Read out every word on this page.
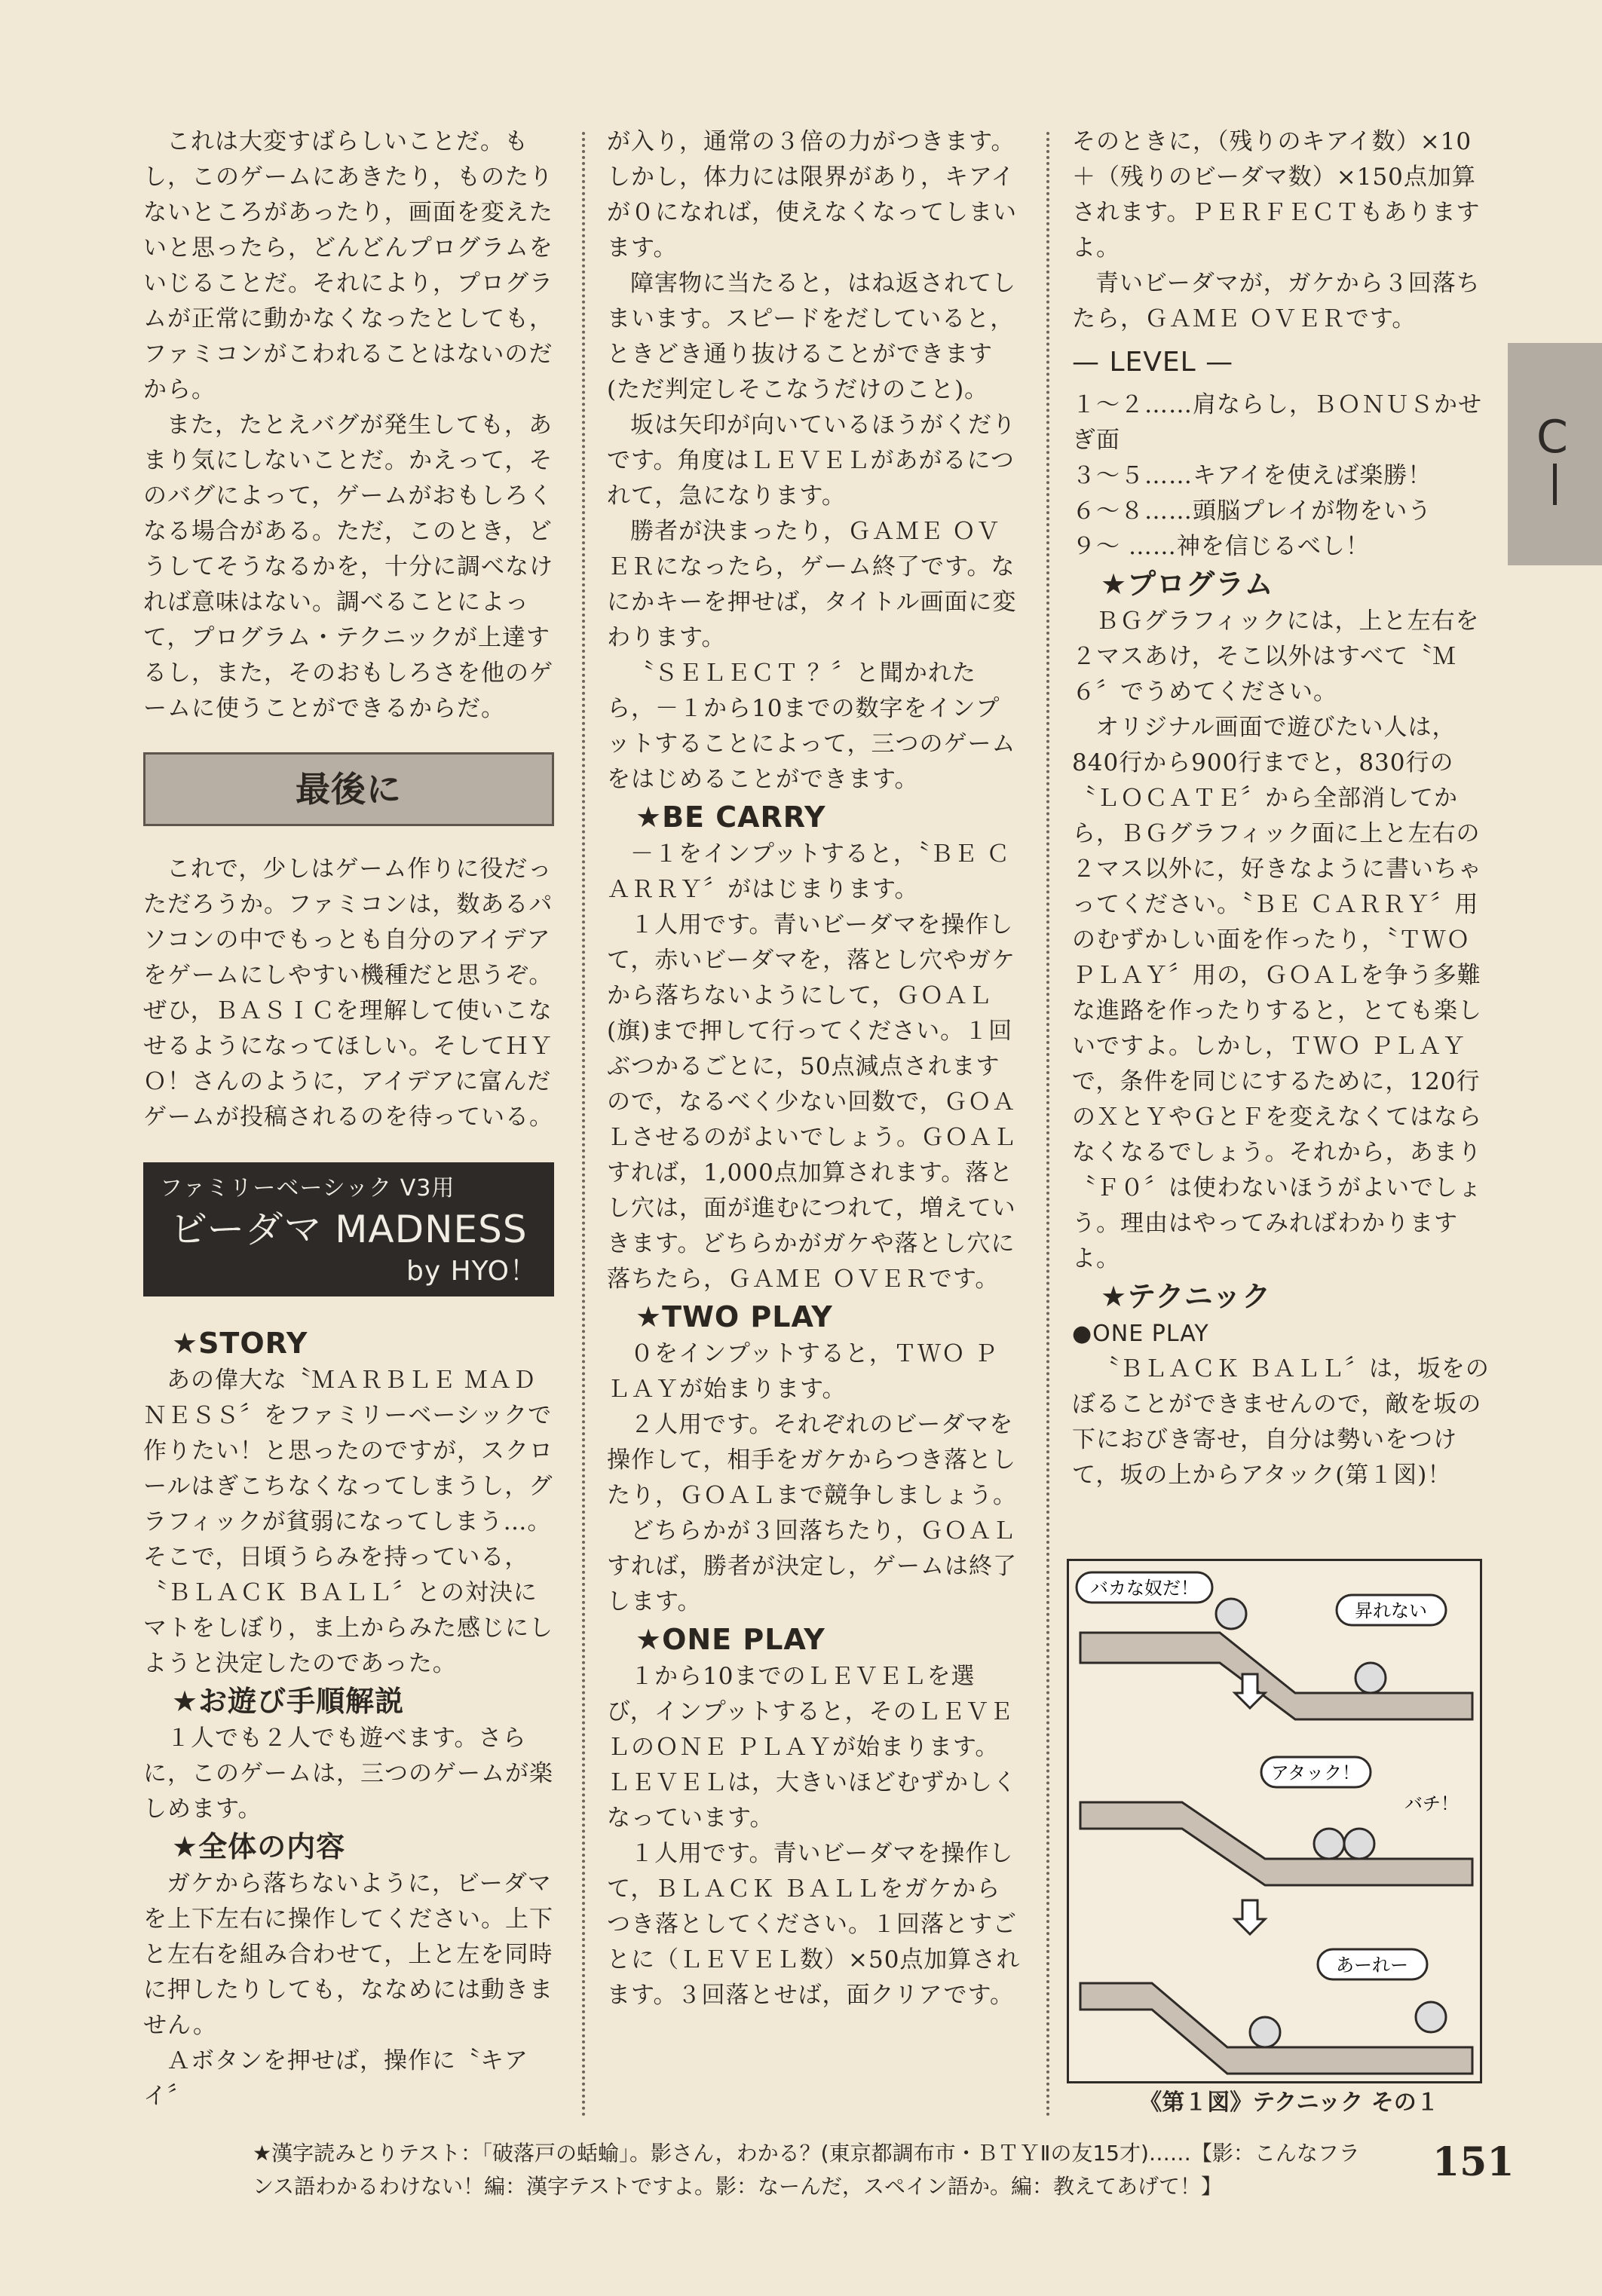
C

これは大変すばらしいことだ。もし，このゲームにあきたり，ものたりないところがあったり，画面を変えたいと思ったら，どんどんプログラムをいじることだ。それにより，プログラムが正常に動かなくなったとしても，ファミコンがこわれることはないのだから。

また，たとえバグが発生しても，あまり気にしないことだ。かえって，そのバグによって，ゲームがおもしろくなる場合がある。ただ，このとき，どうしてそうなるかを，十分に調べなければ意味はない。調べることによって，プログラム・テクニックが上達するし，また，そのおもしろさを他のゲームに使うことができるからだ。

最後に

これで，少しはゲーム作りに役だっただろうか。ファミコンは，数あるパソコンの中でもっとも自分のアイデアをゲームにしやすい機種だと思うぞ。ぜひ，ＢＡＳＩＣを理解して使いこなせるようになってほしい。そしてＨＹＯ！さんのように，アイデアに富んだゲームが投稿されるのを待っている。

ファミリーベーシック V3用
ビーダマ MADNESS
by HYO！

★STORY

あの偉大な〝ＭＡＲＢＬＥ ＭＡＤＮＥＳＳ〞をファミリーベーシックで作りたい！と思ったのですが，スクロールはぎこちなくなってしまうし，グラフィックが貧弱になってしまう…。そこで，日頃うらみを持っている，〝ＢＬＡＣＫ ＢＡＬＬ〞との対決にマトをしぼり，ま上からみた感じにしようと決定したのであった。

★お遊び手順解説

１人でも２人でも遊べます。さらに，このゲームは，三つのゲームが楽しめます。

★全体の内容

ガケから落ちないように，ビーダマを上下左右に操作してください。上下と左右を組み合わせて，上と左を同時に押したりしても，ななめには動きません。

Ａボタンを押せば，操作に〝キアイ〞

が入り，通常の３倍の力がつきます。しかし，体力には限界があり，キアイが０になれば，使えなくなってしまいます。

障害物に当たると，はね返されてしまいます。スピードをだしていると，ときどき通り抜けることができます(ただ判定しそこなうだけのこと)。

坂は矢印が向いているほうがくだりです。角度はＬＥＶＥＬがあがるにつれて，急になります。

勝者が決まったり，ＧＡＭＥ ＯＶＥＲになったら，ゲーム終了です。なにかキーを押せば，タイトル画面に変わります。

〝ＳＥＬＥＣＴ ？〞と聞かれたら，－１から10までの数字をインプットすることによって，三つのゲームをはじめることができます。

★BE CARRY

－１をインプットすると，〝ＢＥ ＣＡＲＲＹ〞がはじまります。

１人用です。青いビーダマを操作して，赤いビーダマを，落とし穴やガケから落ちないようにして，ＧＯＡＬ(旗)まで押して行ってください。１回ぶつかるごとに，50点減点されますので，なるべく少ない回数で，ＧＯＡＬさせるのがよいでしょう。ＧＯＡＬすれば，1,000点加算されます。落とし穴は，面が進むにつれて，増えていきます。どちらかがガケや落とし穴に落ちたら，ＧＡＭＥ ＯＶＥＲです。

★TWO PLAY

０をインプットすると，ＴＷＯ ＰＬＡＹが始まります。

２人用です。それぞれのビーダマを操作して，相手をガケからつき落としたり，ＧＯＡＬまで競争しましょう。

どちらかが３回落ちたり，ＧＯＡＬすれば，勝者が決定し，ゲームは終了します。

★ONE PLAY

１から10までのＬＥＶＥＬを選び，インプットすると，そのＬＥＶＥＬのＯＮＥ ＰＬＡＹが始まります。ＬＥＶＥＬは，大きいほどむずかしくなっています。

１人用です。青いビーダマを操作して，ＢＬＡＣＫ ＢＡＬＬをガケからつき落としてください。１回落とすごとに（ＬＥＶＥＬ数）×50点加算されます。３回落とせば，面クリアです。

そのときに，（残りのキアイ数）×10＋（残りのビーダマ数）×150点加算されます。ＰＥＲＦＥＣＴもありますよ。

青いビーダマが，ガケから３回落ちたら，ＧＡＭＥ ＯＶＥＲです。

— LEVEL —
１～２……肩ならし，ＢＯＮＵＳかせぎ面
３～５……キアイを使えば楽勝！
６～８……頭脳プレイが物をいう
９～ ……神を信じるべし！

★プログラム

ＢＧグラフィックには，上と左右を２マスあけ，そこ以外はすべて〝Ｍ６〞でうめてください。

オリジナル画面で遊びたい人は，840行から900行までと，830行の〝ＬＯＣＡＴＥ〞から全部消してから，ＢＧグラフィック面に上と左右の２マス以外に，好きなように書いちゃってください。〝ＢＥ ＣＡＲＲＹ〞用のむずかしい面を作ったり，〝ＴＷＯ ＰＬＡＹ〞用の，ＧＯＡＬを争う多難な進路を作ったりすると，とても楽しいですよ。しかし，ＴＷＯ ＰＬＡＹで，条件を同じにするために，120行のＸとＹやＧとＦを変えなくてはならなくなるでしょう。それから，あまり〝Ｆ０〞は使わないほうがよいでしょう。理由はやってみればわかりますよ。

★テクニック

●ONE PLAY

〝ＢＬＡＣＫ ＢＡＬＬ〞は，坂をのぼることができませんので，敵を坂の下におびき寄せ，自分は勢いをつけて，坂の上からアタック(第１図)！

バカな奴だ！
昇れない
アタック！
バチ！
あーれー
《第１図》テクニック その１
★漢字読みとりテスト：「破落戸の蛞蝓」。影さん，わかる？(東京都調布市・ＢＴＹⅡの友15才)……【影：こんなフランス語わかるわけない！編：漢字テストですよ。影：なーんだ，スペイン語か。編：教えてあげて！】
151
